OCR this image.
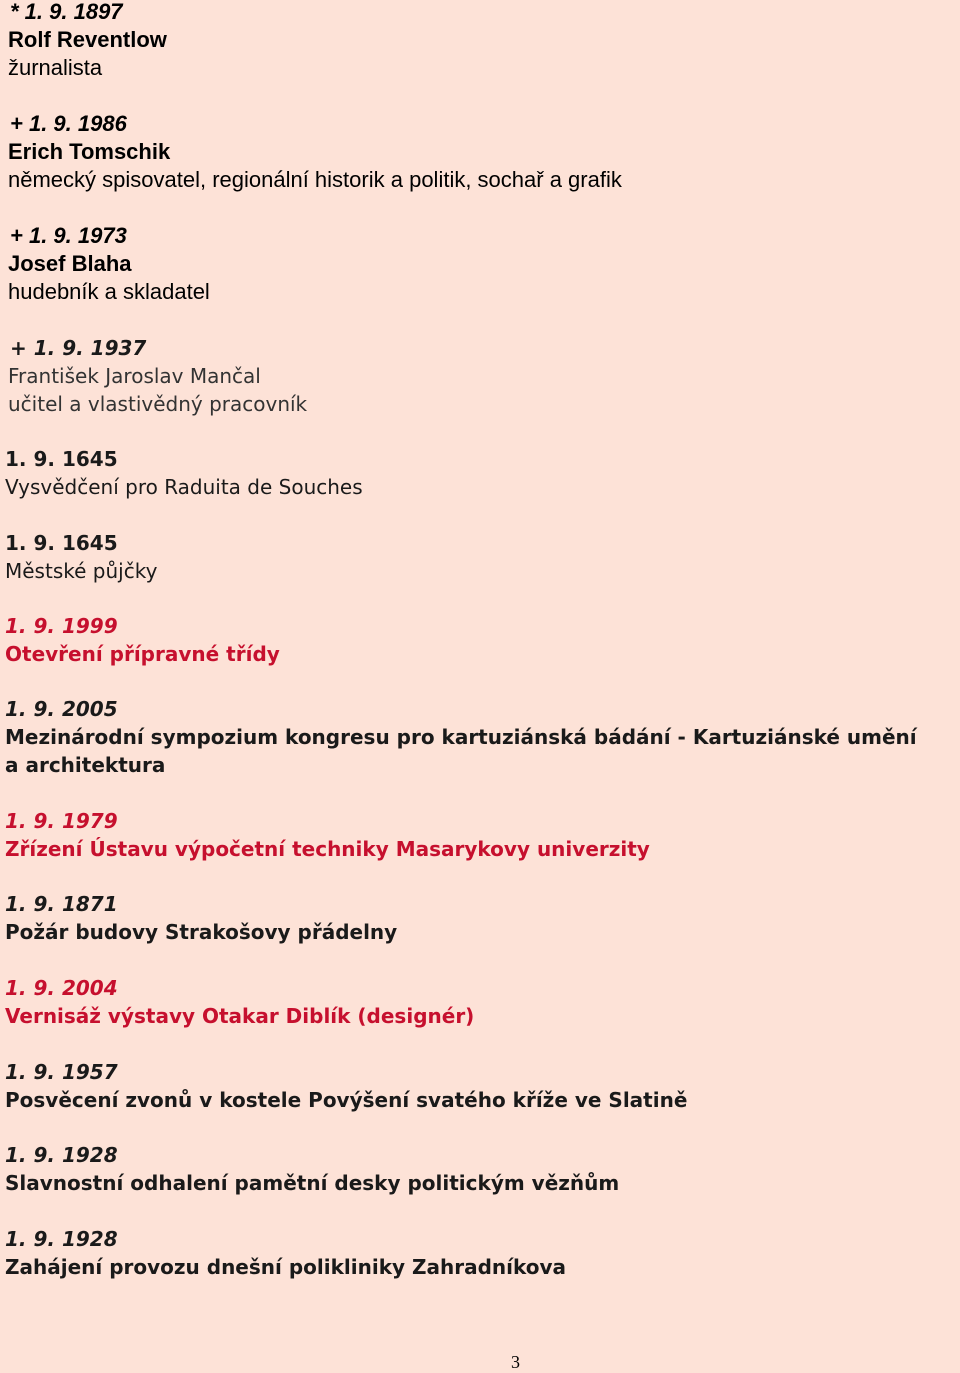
* 1. 9. 1897
Rolf Reventlow
žurnalista
+ 1. 9. 1986
Erich Tomschik
německý spisovatel, regionální historik a politik, sochař a grafik
+ 1. 9. 1973
Josef Blaha
hudebník a skladatel
+ 1. 9. 1937
František Jaroslav Mančal
učitel a vlastivědný pracovník
1. 9. 1645
Vysvědčení pro Raduita de Souches
1. 9. 1645
Městské půjčky
1. 9. 1999
Otevření přípravné třídy
1. 9. 2005
Mezinárodní sympozium kongresu pro kartuziánská bádání - Kartuziánské umění
a architektura
1. 9. 1979
Zřízení Ústavu výpočetní techniky Masarykovy univerzity
1. 9. 1871
Požár budovy Strakošovy přádelny
1. 9. 2004
Vernisáž výstavy Otakar Diblík (designér)
1. 9. 1957
Posvěcení zvonů v kostele Povýšení svatého kříže ve Slatině
1. 9. 1928
Slavnostní odhalení pamětní desky politickým vězňům
1. 9. 1928
Zahájení provozu dnešní polikliniky Zahradníkova
3
